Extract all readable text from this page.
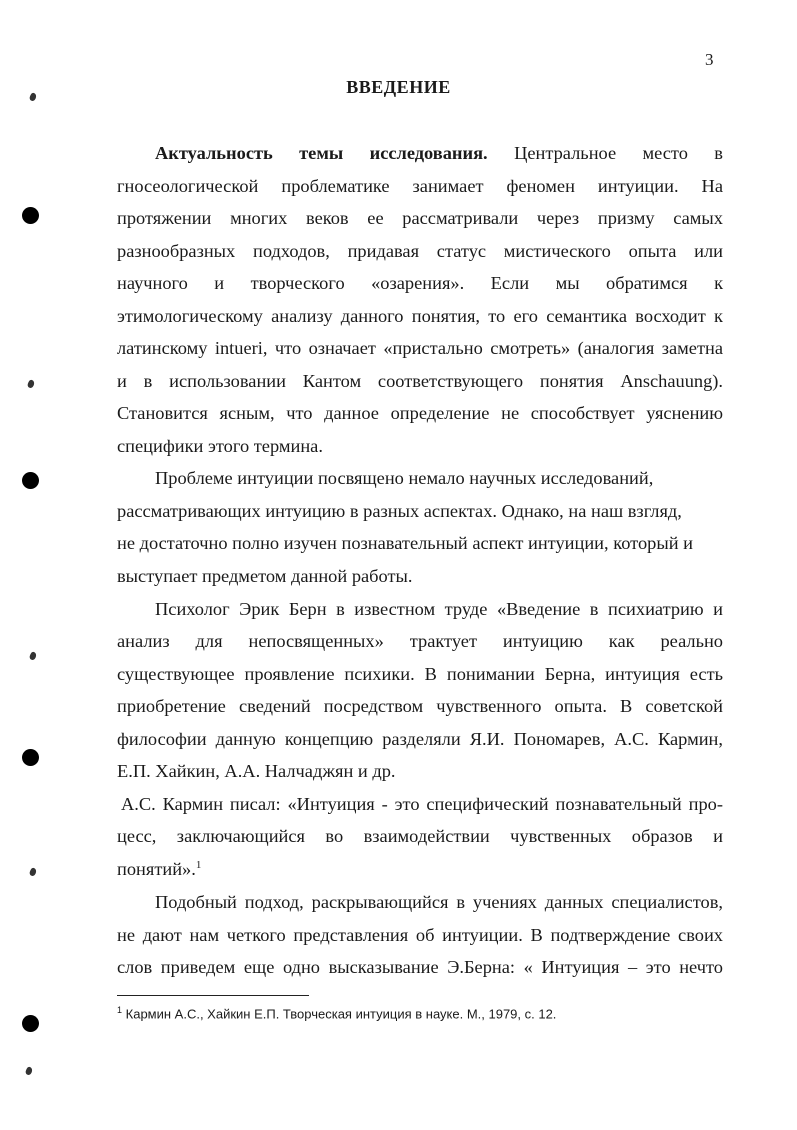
3
ВВЕДЕНИЕ
Актуальность темы исследования. Центральное место в
гносеологической проблематике занимает феномен интуиции. На
протяжении многих веков ее рассматривали через призму самых
разнообразных подходов, придавая статус мистического опыта или
научного и творческого «озарения». Если мы обратимся к
этимологическому анализу данного понятия, то его семантика восходит к
латинскому intueri, что означает «пристально смотреть» (аналогия заметна
и в использовании Кантом соответствующего понятия Anschauung).
Становится ясным, что данное определение не способствует уяснению
специфики этого термина.
Проблеме интуиции посвящено немало научных исследований,
рассматривающих интуицию в разных аспектах. Однако, на наш взгляд,
не достаточно полно изучен познавательный аспект интуиции, который и
выступает предметом данной работы.
Психолог Эрик Берн в известном труде «Введение в психиатрию и
анализ для непосвященных» трактует интуицию как реально
существующее проявление психики. В понимании Берна, интуиция есть
приобретение сведений посредством чувственного опыта. В советской
философии данную концепцию разделяли Я.И. Пономарев, А.С. Кармин,
Е.П. Хайкин, А.А. Налчаджян и др.
А.С. Кармин писал: «Интуиция - это специфический познавательный про-
цесс, заключающийся во взаимодействии чувственных образов и
понятий».$^1$
Подобный подход, раскрывающийся в учениях данных специалистов,
не дают нам четкого представления об интуиции. В подтверждение своих
слов приведем еще одно высказывание Э.Берна: « Интуиция – это нечто
$^1$ Кармин А.С., Хайкин Е.П. Творческая интуиция в науке. М., 1979, с. 12.
